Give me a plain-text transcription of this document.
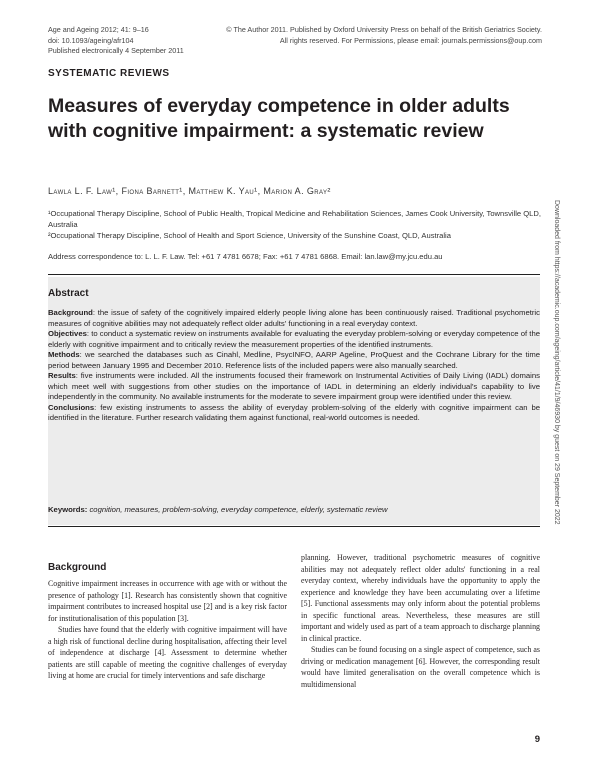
Age and Ageing 2012; 41: 9–16
doi: 10.1093/ageing/afr104
Published electronically 4 September 2011
© The Author 2011. Published by Oxford University Press on behalf of the British Geriatrics Society.
All rights reserved. For Permissions, please email: journals.permissions@oup.com
SYSTEMATIC REVIEWS
Measures of everyday competence in older adults with cognitive impairment: a systematic review
Lawla L. F. Law¹, Fiona Barnett¹, Matthew K. Yau¹, Marion A. Gray²
¹Occupational Therapy Discipline, School of Public Health, Tropical Medicine and Rehabilitation Sciences, James Cook University, Townsville QLD, Australia
²Occupational Therapy Discipline, School of Health and Sport Science, University of the Sunshine Coast, QLD, Australia
Address correspondence to: L. L. F. Law. Tel: +61 7 4781 6678; Fax: +61 7 4781 6868. Email: lan.law@my.jcu.edu.au
Abstract

Background: the issue of safety of the cognitively impaired elderly people living alone has been continuously raised. Traditional psychometric measures of cognitive abilities may not adequately reflect older adults' functioning in a real everyday context.

Objectives: to conduct a systematic review on instruments available for evaluating the everyday problem-solving or everyday competence of the elderly with cognitive impairment and to critically review the measurement properties of the identified instruments.

Methods: we searched the databases such as Cinahl, Medline, PsycINFO, AARP Ageline, ProQuest and the Cochrane Library for the time period between January 1995 and December 2010. Reference lists of the included papers were also manually searched.

Results: five instruments were included. All the instruments focused their framework on Instrumental Activities of Daily Living (IADL) domains which meet well with suggestions from other studies on the importance of IADL in determining an elderly individual's capability to live independently in the community. No available instruments for the moderate to severe impairment group were identified under this review.

Conclusions: few existing instruments to assess the ability of everyday problem-solving of the elderly with cognitive impairment can be identified in the literature. Further research validating them against functional, real-world outcomes is needed.

Keywords: cognition, measures, problem-solving, everyday competence, elderly, systematic review
Background

Cognitive impairment increases in occurrence with age with or without the presence of pathology [1]. Research has consistently shown that cognitive impairment contributes to increased hospital use [2] and is a key risk factor for institutionalisation of this population [3].

Studies have found that the elderly with cognitive impairment will have a high risk of functional decline during hospitalisation, affecting their level of independence at discharge [4]. Assessment to determine whether patients are still capable of meeting the cognitive challenges of everyday living at home are crucial for timely interventions and safe discharge

planning. However, traditional psychometric measures of cognitive abilities may not adequately reflect older adults' functioning in a real everyday context, whereby individuals have the opportunity to apply the experience and knowledge they have been accumulating over a lifetime [5]. Functional assessments may only inform about the potential problems in specific functional areas. Nevertheless, these measures are still important and widely used as part of a team approach to discharge planning in clinical practice.

Studies can be found focusing on a single aspect of competence, such as driving or medication management [6]. However, the corresponding result would have limited generalisation on the overall competence which is multidimensional

9
Downloaded from https://academic.oup.com/ageing/article/41/1/9/46930 by guest on 29 September 2022
